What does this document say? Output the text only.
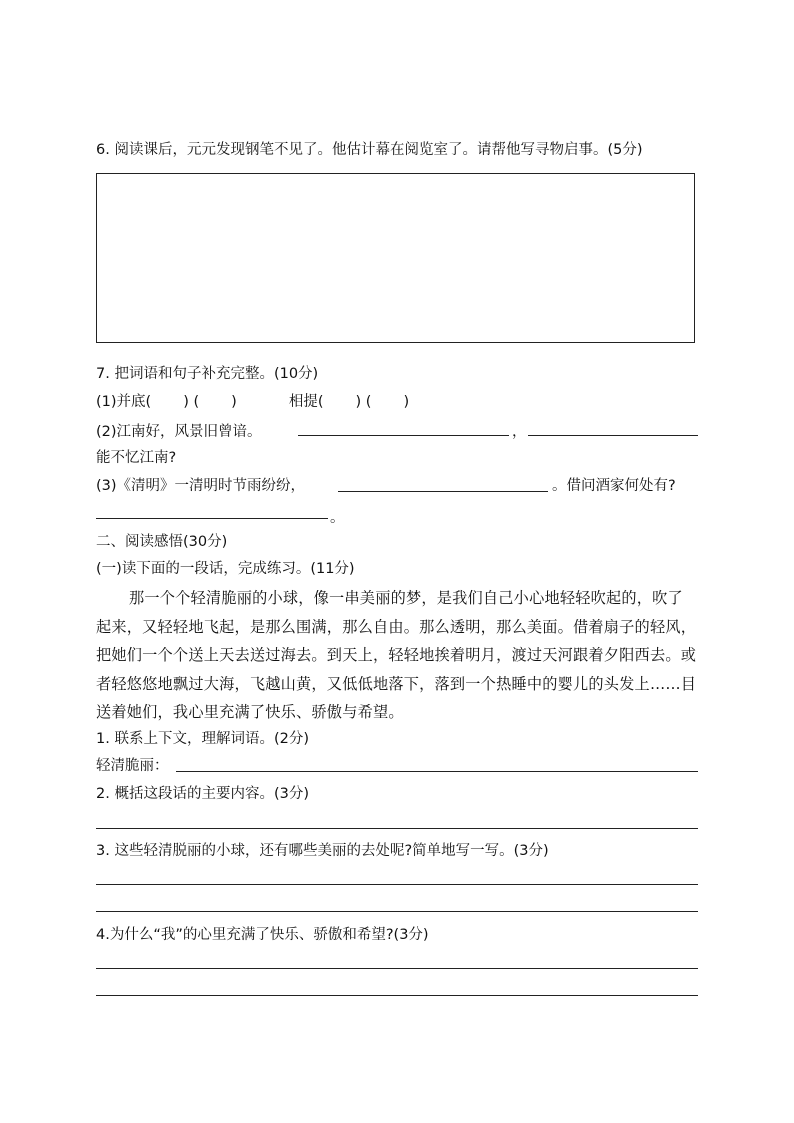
6. 阅读课后，元元发现钢笔不见了。他估计幕在阅览室了。请帮他写寻物启事。(5分)
7. 把词语和句子补充完整。(10分)
(1)并底( ) ( )	相提( ) ( )
(2)江南好，风景旧曾谙。	，
能不忆江南?
(3)《清明》一清明时节雨纷纷，	。借问酒家何处有?
。
二、阅读感悟(30分)
(一)读下面的一段话，完成练习。(11分)
那一个个轻清脆丽的小球，像一串美丽的梦，是我们自己小心地轻轻吹起的，吹了起来，又轻轻地飞起，是那么围满，那么自由。那么透明，那么美面。借着扇子的轻风，把她们一个个送上天去送过海去。到天上，轻轻地挨着明月，渡过天河跟着夕阳西去。或者轻悠悠地飘过大海，飞越山黄，又低低地落下，落到一个热睡中的婴儿的头发上……目送着她们，我心里充满了快乐、骄傲与希望。
1. 联系上下文，理解词语。(2分)
轻清脆丽：
2. 概括这段话的主要内容。(3分)
3. 这些轻清脱丽的小球，还有哪些美丽的去处呢?简单地写一写。(3分)
4.为什么“我”的心里充满了快乐、骄傲和希望?(3分)
